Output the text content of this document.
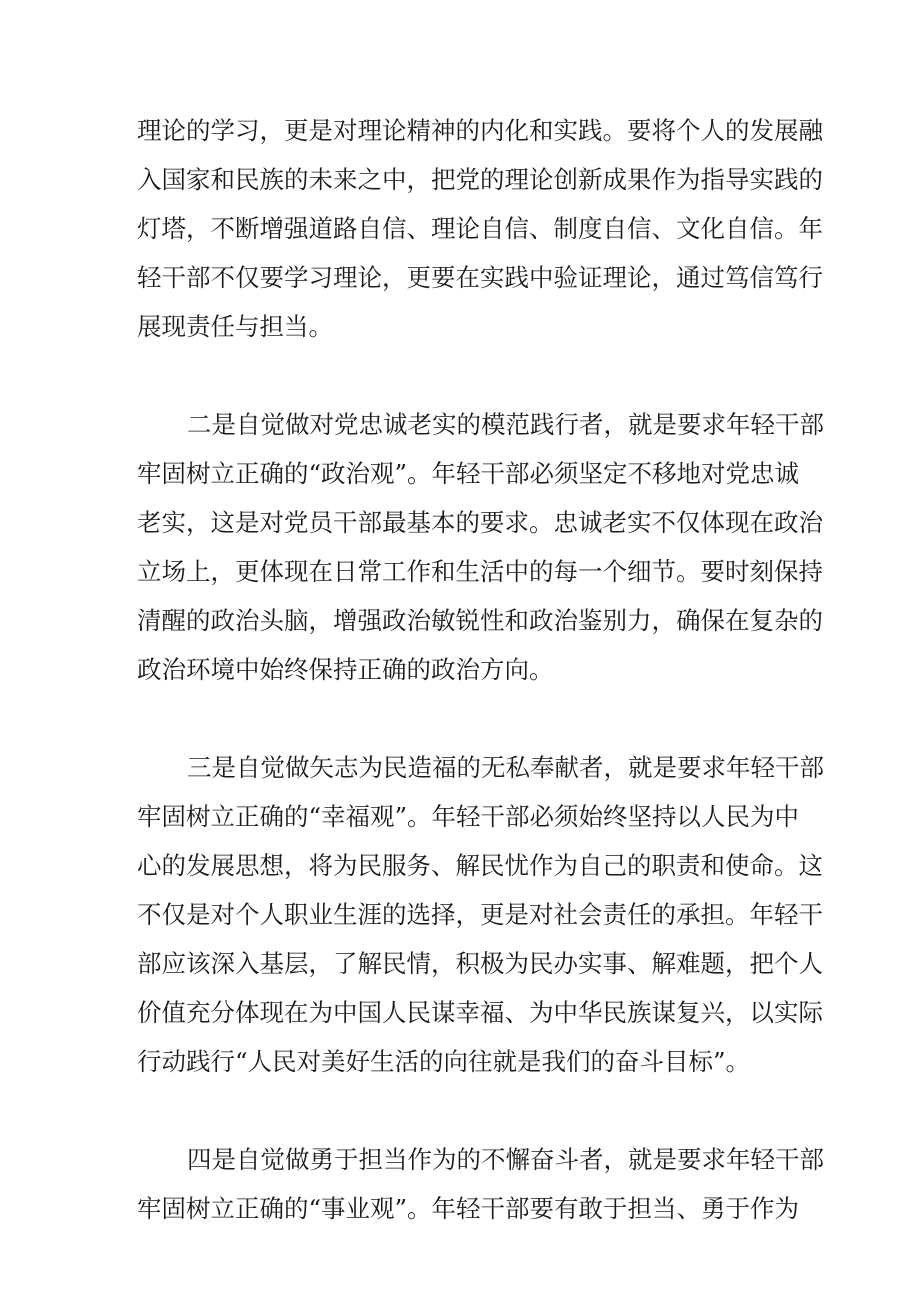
理论的学习，更是对理论精神的内化和实践。要将个人的发展融
入国家和民族的未来之中，把党的理论创新成果作为指导实践的
灯塔，不断增强道路自信、理论自信、制度自信、文化自信。年
轻干部不仅要学习理论，更要在实践中验证理论，通过笃信笃行
展现责任与担当。
二是自觉做对党忠诚老实的模范践行者，就是要求年轻干部
牢固树立正确的“政治观”。年轻干部必须坚定不移地对党忠诚
老实，这是对党员干部最基本的要求。忠诚老实不仅体现在政治
立场上，更体现在日常工作和生活中的每一个细节。要时刻保持
清醒的政治头脑，增强政治敏锐性和政治鉴别力，确保在复杂的
政治环境中始终保持正确的政治方向。
三是自觉做矢志为民造福的无私奉献者，就是要求年轻干部
牢固树立正确的“幸福观”。年轻干部必须始终坚持以人民为中
心的发展思想，将为民服务、解民忧作为自己的职责和使命。这
不仅是对个人职业生涯的选择，更是对社会责任的承担。年轻干
部应该深入基层，了解民情，积极为民办实事、解难题，把个人
价值充分体现在为中国人民谋幸福、为中华民族谋复兴，以实际
行动践行“人民对美好生活的向往就是我们的奋斗目标”。
四是自觉做勇于担当作为的不懈奋斗者，就是要求年轻干部
牢固树立正确的“事业观”。年轻干部要有敢于担当、勇于作为
